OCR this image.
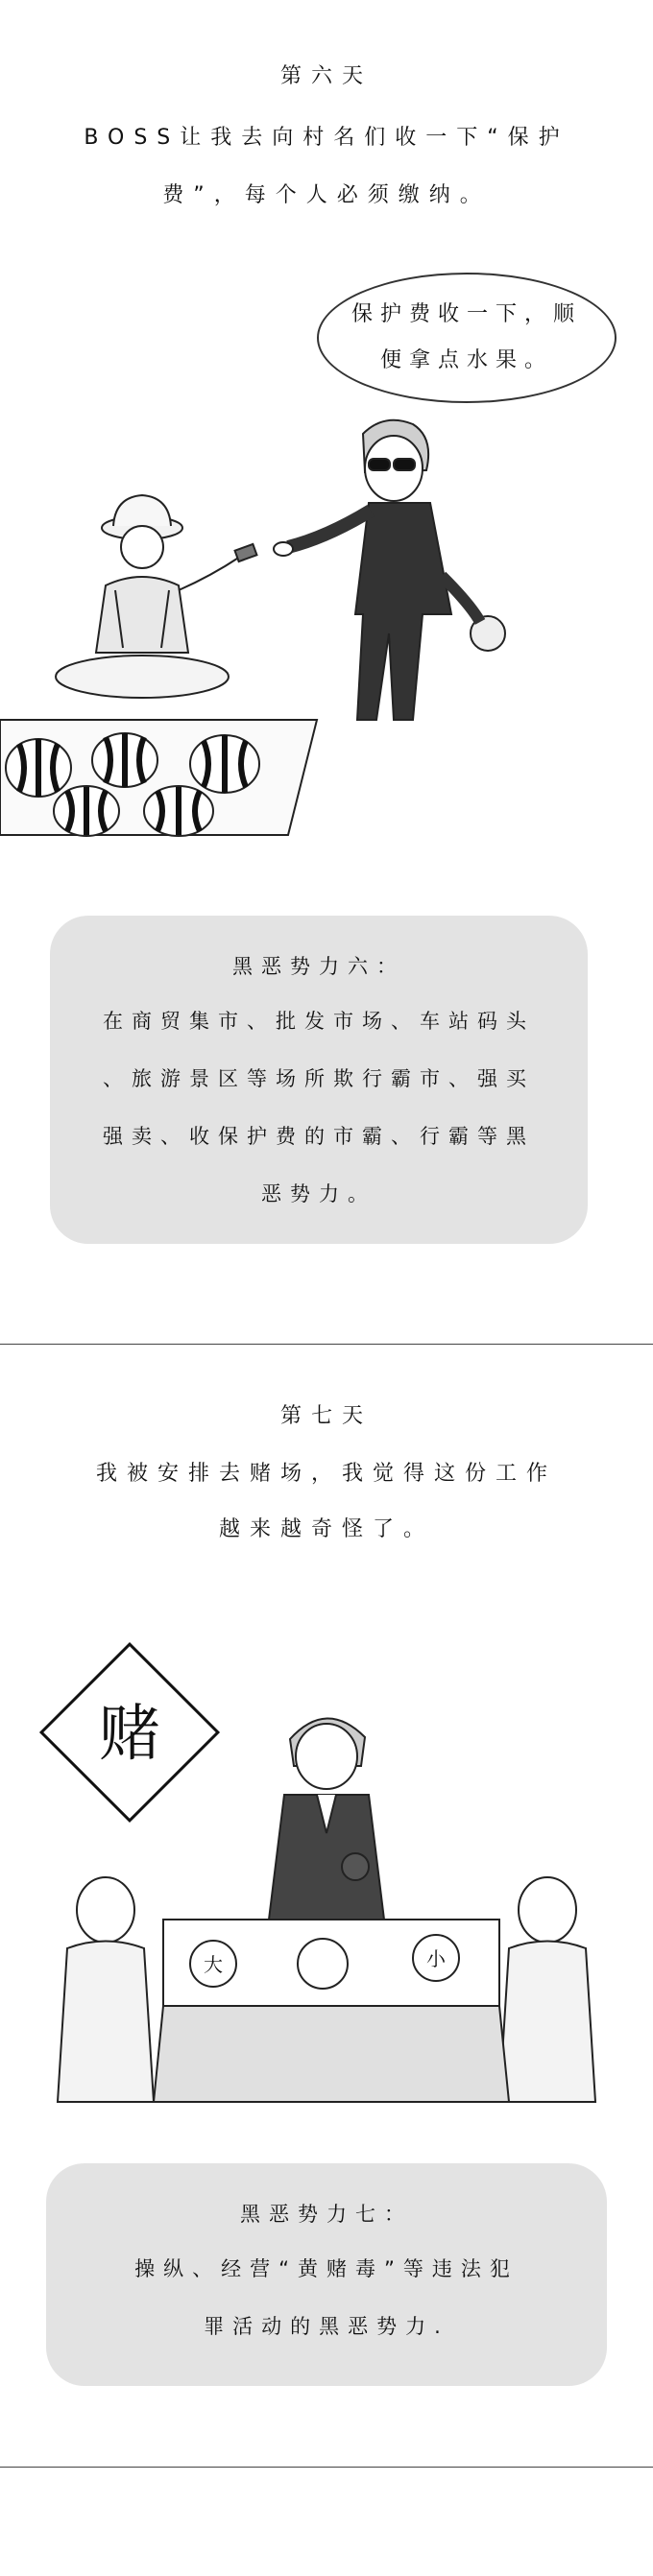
第六天
BOSS让我去向村名们收一下“保护
费”，每个人必须缴纳。
保护费收一下，顺
便拿点水果。
黑恶势力六：
在商贸集市、批发市场、车站码头
、旅游景区等场所欺行霸市、强买
强卖、收保护费的市霸、行霸等黑
恶势力。
第七天
我被安排去赌场，我觉得这份工作
越来越奇怪了。
赌
大	小
黑恶势力七：
操纵、经营“黄赌毒”等违法犯
罪活动的黑恶势力.
